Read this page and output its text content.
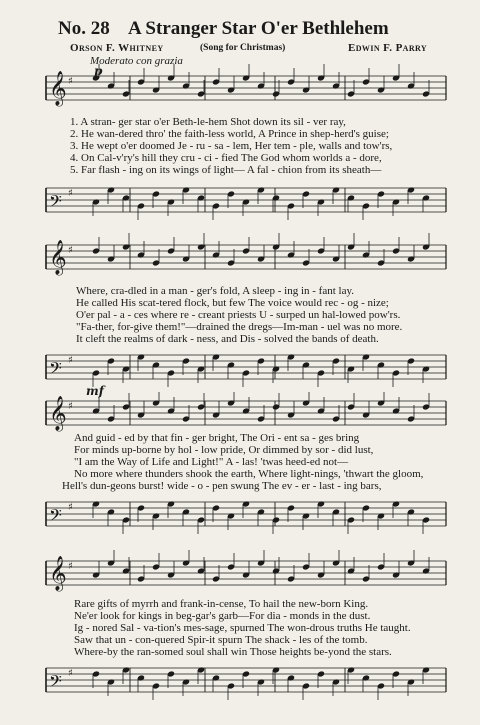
No. 28 A Stranger Star O'er Bethlehem
Orson F. Whitney	(Song for Christmas)	Edwin F. Parry
Moderato con grazia
𝄞 ♯
1. A stran- ger star o'er Beth-le-hem Shot down its sil - ver ray,
2. He wan-dered thro' the faith-less world, A Prince in shep-herd's guise;
3. He wept o'er doomed Je - ru - sa - lem, Her tem - ple, walls and tow'rs,
4. On Cal-v'ry's hill they cru - ci - fied The God whom worlds a - dore,
5. Far flash - ing on its wings of light— A fal - chion from its sheath—
𝄢 ♯
𝄞 ♯
Where, cra-dled in a man - ger's fold, A sleep - ing in - fant lay.
He called His scat-tered flock, but few The voice would rec - og - nize;
O'er pal - a - ces where re - creant priests U - surped un hal-lowed pow'rs.
"Fa-ther, for-give them!"—drained the dregs—Im-man - uel was no more.
It cleft the realms of dark - ness, and Dis - solved the bands of death.
𝄢 ♯
mf
𝄞 ♯
And guid - ed by that fin - ger bright, The Ori - ent sa - ges bring
For minds up-borne by hol - low pride, Or dimmed by sor - did lust,
"I am the Way of Life and Light!" A - las! 'twas heed-ed not—
No more where thunders shook the earth, Where light-nings, 'thwart the gloom,
Hell's dun-geons burst! wide - o - pen swung The ev - er - last - ing bars,
𝄢 ♯
𝄞 ♯
Rare gifts of myrrh and frank-in-cense, To hail the new-born King.
Ne'er look for kings in beg-gar's garb—For dia - monds in the dust.
Ig - nored Sal - va-tion's mes-sage, spurned The won-drous truths He taught.
Saw that un - con-quered Spir-it spurn The shack - les of the tomb.
Where-by the ran-somed soul shall win Those heights be-yond the stars.
𝄢 ♯
p
